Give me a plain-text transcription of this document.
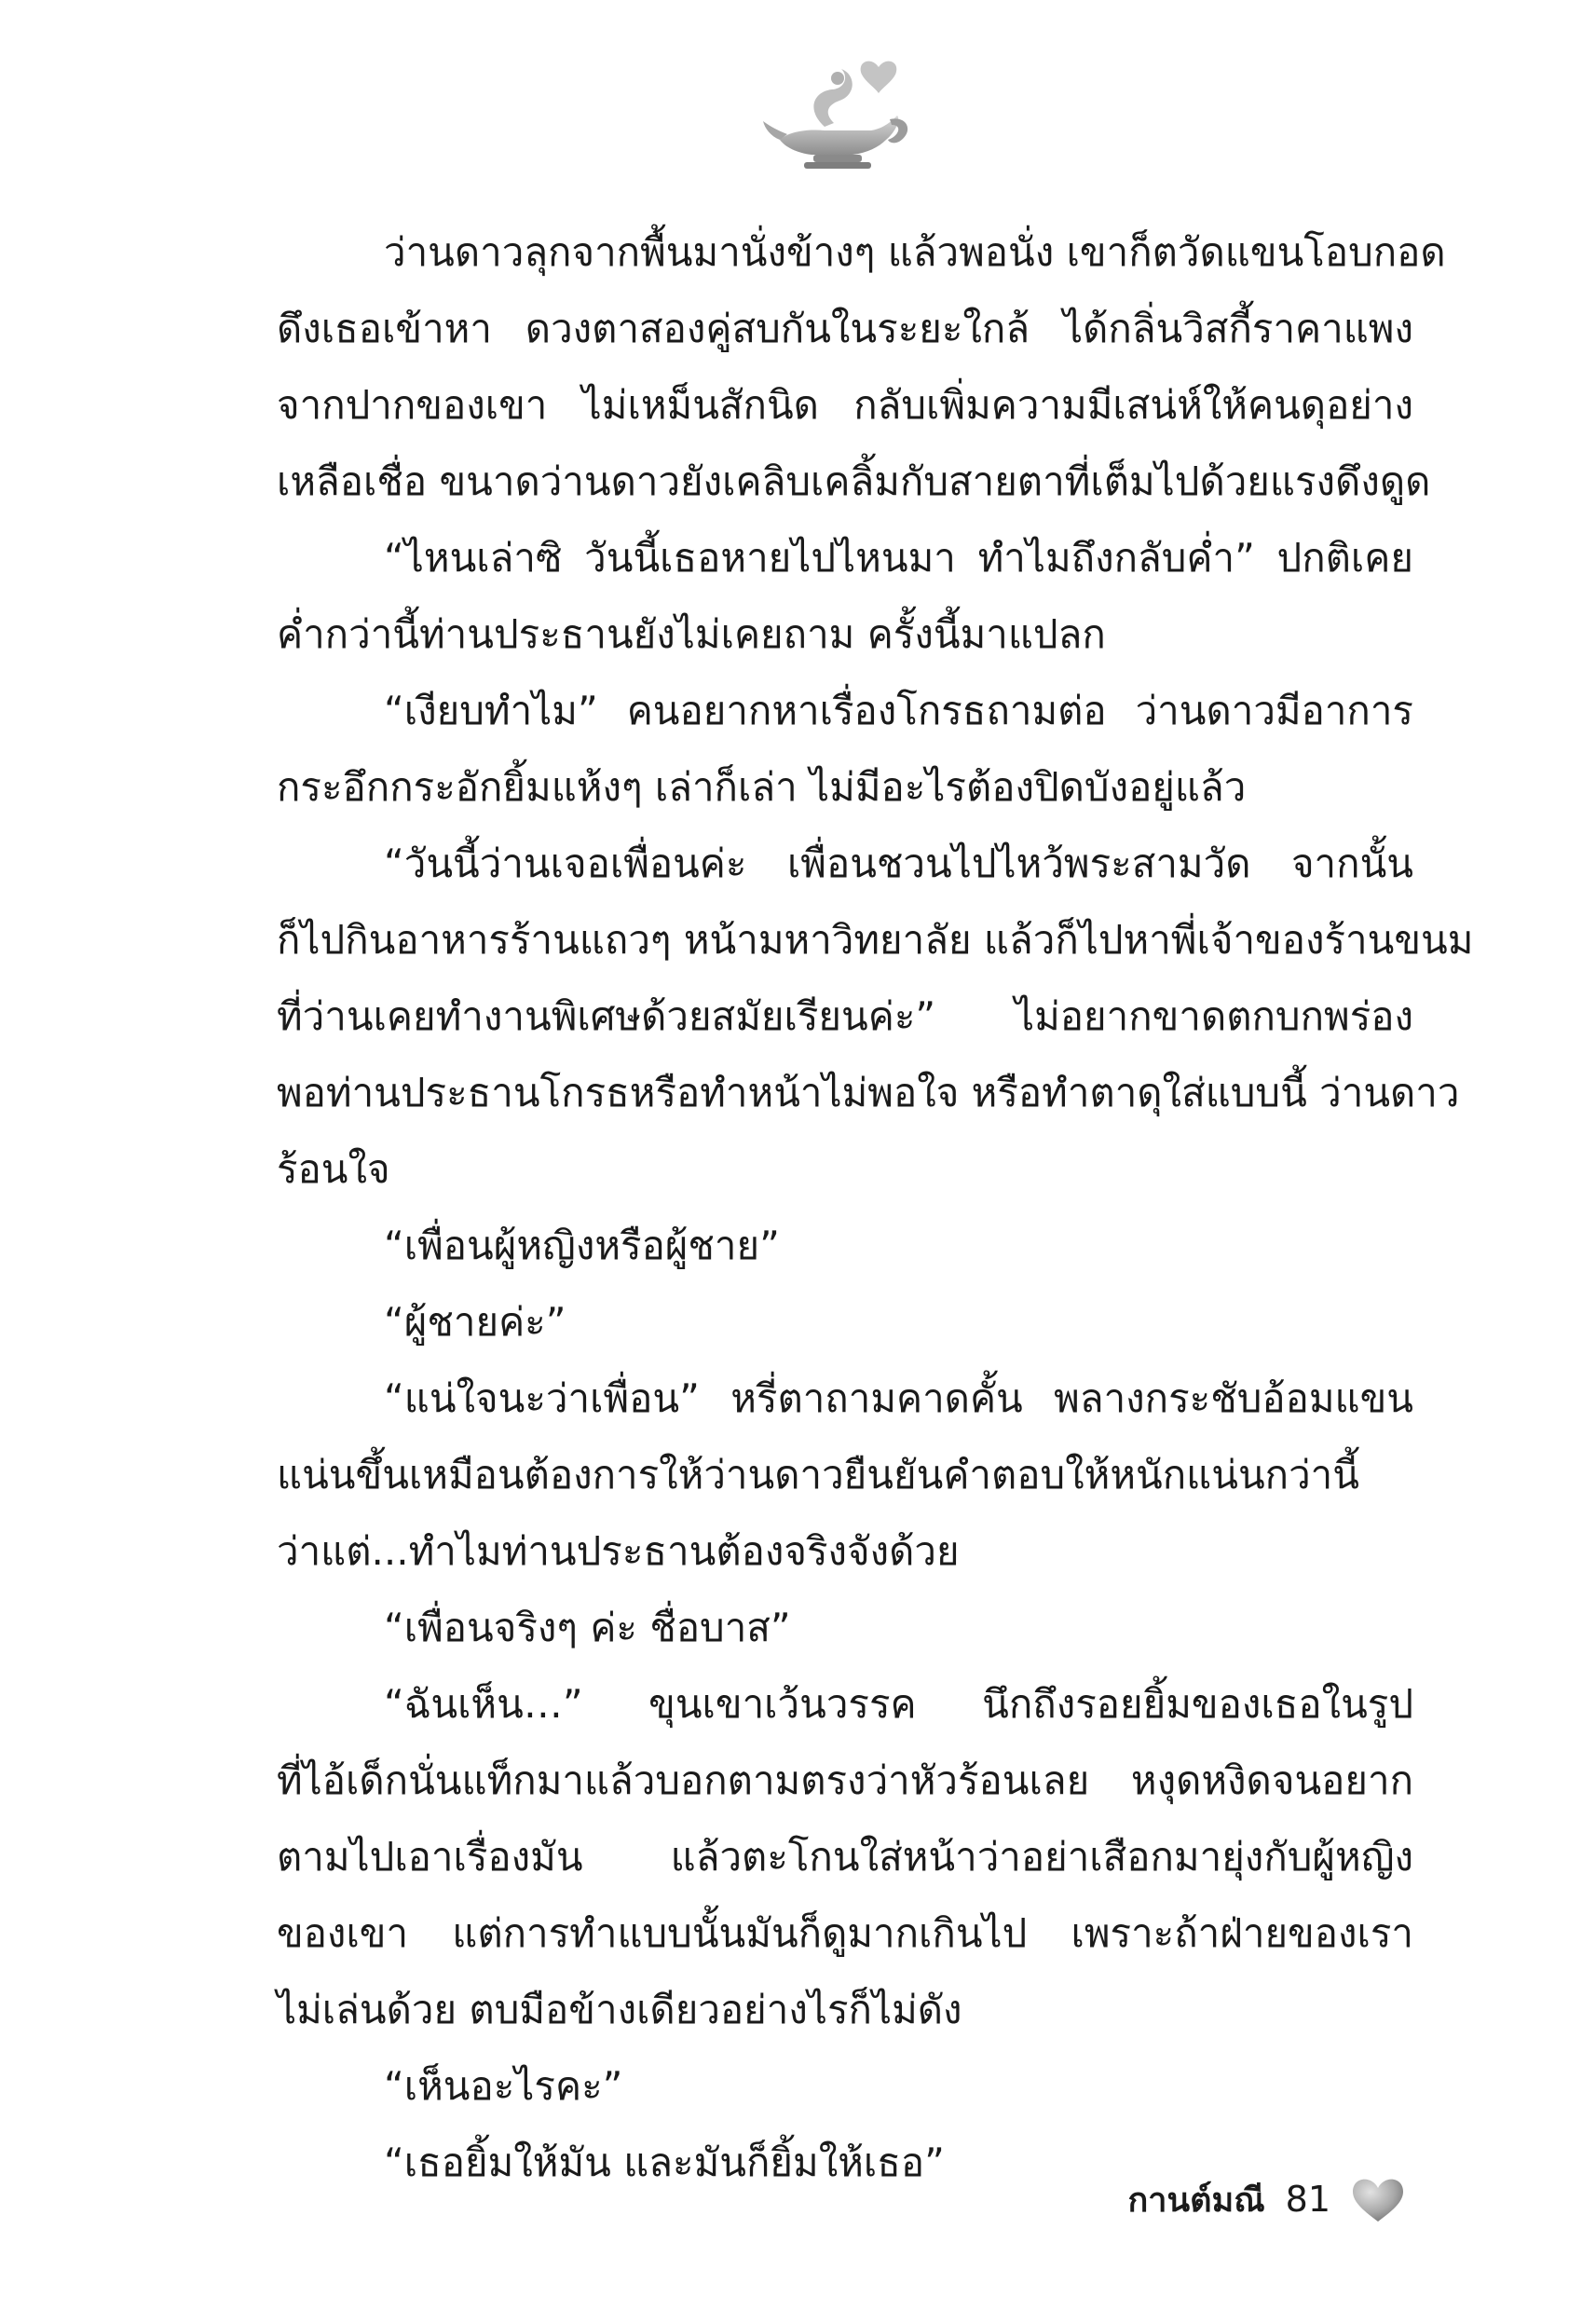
ว่านดาวลุกจากพื้นมานั่งข้างๆ แล้วพอนั่ง เขาก็ตวัดแขนโอบกอด
ดึงเธอเข้าหา ดวงตาสองคู่สบกันในระยะใกล้ ได้กลิ่นวิสกี้ราคาแพง
จากปากของเขา ไม่เหม็นสักนิด กลับเพิ่มความมีเสน่ห์ให้คนดุอย่าง
เหลือเชื่อ ขนาดว่านดาวยังเคลิบเคลิ้มกับสายตาที่เต็มไปด้วยแรงดึงดูด
“ไหนเล่าซิ วันนี้เธอหายไปไหนมา ทำไมถึงกลับค่ำ” ปกติเคย
ค่ำกว่านี้ท่านประธานยังไม่เคยถาม ครั้งนี้มาแปลก
“เงียบทำไม” คนอยากหาเรื่องโกรธถามต่อ ว่านดาวมีอาการ
กระอึกกระอักยิ้มแห้งๆ เล่าก็เล่า ไม่มีอะไรต้องปิดบังอยู่แล้ว
“วันนี้ว่านเจอเพื่อนค่ะ เพื่อนชวนไปไหว้พระสามวัด จากนั้น
ก็ไปกินอาหารร้านแถวๆ หน้ามหาวิทยาลัย แล้วก็ไปหาพี่เจ้าของร้านขนม
ที่ว่านเคยทำงานพิเศษด้วยสมัยเรียนค่ะ” ไม่อยากขาดตกบกพร่อง
พอท่านประธานโกรธหรือทำหน้าไม่พอใจ หรือทำตาดุใส่แบบนี้ ว่านดาว
ร้อนใจ
“เพื่อนผู้หญิงหรือผู้ชาย”
“ผู้ชายค่ะ”
“แน่ใจนะว่าเพื่อน” หรี่ตาถามคาดคั้น พลางกระชับอ้อมแขน
แน่นขึ้นเหมือนต้องการให้ว่านดาวยืนยันคำตอบให้หนักแน่นกว่านี้
ว่าแต่...ทำไมท่านประธานต้องจริงจังด้วย
“เพื่อนจริงๆ ค่ะ ชื่อบาส”
“ฉันเห็น…” ขุนเขาเว้นวรรค นึกถึงรอยยิ้มของเธอในรูป
ที่ไอ้เด็กนั่นแท็กมาแล้วบอกตามตรงว่าหัวร้อนเลย หงุดหงิดจนอยาก
ตามไปเอาเรื่องมัน แล้วตะโกนใส่หน้าว่าอย่าเสือกมายุ่งกับผู้หญิง
ของเขา แต่การทำแบบนั้นมันก็ดูมากเกินไป เพราะถ้าฝ่ายของเรา
ไม่เล่นด้วย ตบมือข้างเดียวอย่างไรก็ไม่ดัง
“เห็นอะไรคะ”
“เธอยิ้มให้มัน และมันก็ยิ้มให้เธอ”
กานต์มณี 81
